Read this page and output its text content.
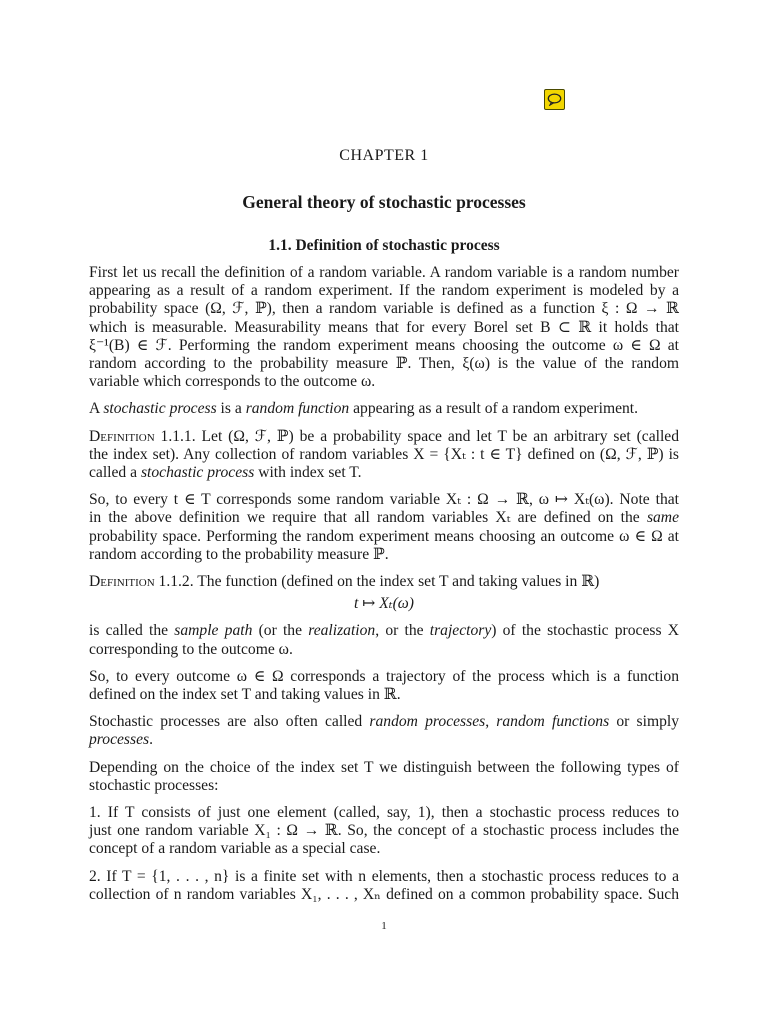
CHAPTER 1
General theory of stochastic processes
1.1. Definition of stochastic process

First let us recall the definition of a random variable. A random variable is a random number
appearing as a result of a random experiment. If the random experiment is modeled by a
probability space (Ω, ℱ, ℙ), then a random variable is defined as a function ξ : Ω → ℝ
which is measurable. Measurability means that for every Borel set B ⊂ ℝ it holds that
ξ⁻¹(B) ∈ ℱ. Performing the random experiment means choosing the outcome ω ∈ Ω at
random according to the probability measure ℙ. Then, ξ(ω) is the value of the random
variable which corresponds to the outcome ω.

A stochastic process is a random function appearing as a result of a random experiment.

Definition 1.1.1. Let (Ω, ℱ, ℙ) be a probability space and let T be an arbitrary set (called
the index set). Any collection of random variables X = {Xₜ : t ∈ T} defined on (Ω, ℱ, ℙ) is
called a stochastic process with index set T.

So, to every t ∈ T corresponds some random variable Xₜ : Ω → ℝ, ω ↦ Xₜ(ω). Note that
in the above definition we require that all random variables Xₜ are defined on the same
probability space. Performing the random experiment means choosing an outcome ω ∈ Ω at
random according to the probability measure ℙ.

Definition 1.1.2. The function (defined on the index set T and taking values in ℝ)

t ↦ Xₜ(ω)

is called the sample path (or the realization, or the trajectory) of the stochastic process X
corresponding to the outcome ω.

So, to every outcome ω ∈ Ω corresponds a trajectory of the process which is a function
defined on the index set T and taking values in ℝ.

Stochastic processes are also often called random processes, random functions or simply
processes.

Depending on the choice of the index set T we distinguish between the following types of
stochastic processes:

1. If T consists of just one element (called, say, 1), then a stochastic process reduces to
just one random variable X₁ : Ω → ℝ. So, the concept of a stochastic process includes the
concept of a random variable as a special case.

2. If T = {1, . . . , n} is a finite set with n elements, then a stochastic process reduces to a
collection of n random variables X₁, . . . , Xₙ defined on a common probability space. Such

1
